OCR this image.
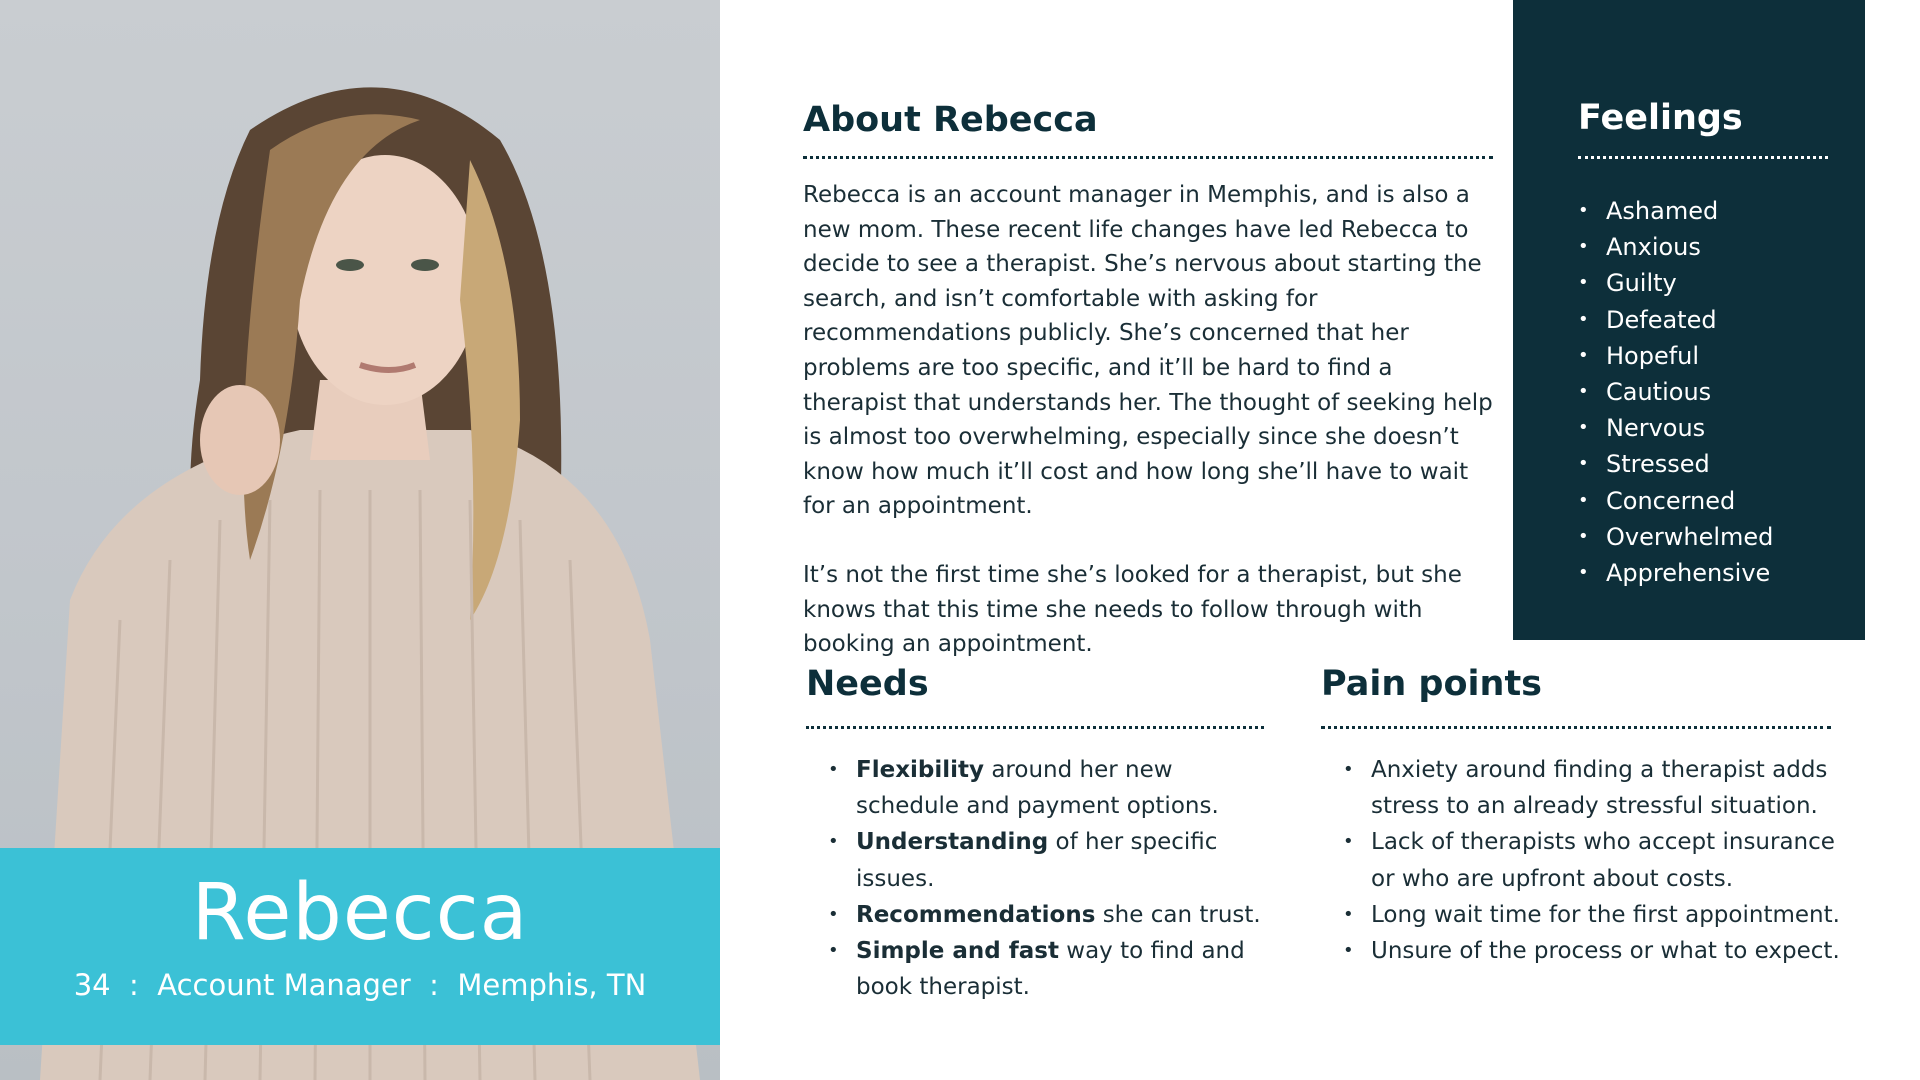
Rebecca
34 : Account Manager : Memphis, TN
About Rebecca

Rebecca is an account manager in Memphis, and is also a new mom. These recent life changes have led Rebecca to decide to see a therapist. She’s nervous about starting the search, and isn’t comfortable with asking for recommendations publicly. She’s concerned that her problems are too specific, and it’ll be hard to find a therapist that understands her. The thought of seeking help is almost too overwhelming, especially since she doesn’t know how much it’ll cost and how long she’ll have to wait for an appointment.

It’s not the first time she’s looked for a therapist, but she knows that this time she needs to follow through with booking an appointment.

Feelings
• Ashamed
• Anxious
• Guilty
• Defeated
• Hopeful
• Cautious
• Nervous
• Stressed
• Concerned
• Overwhelmed
• Apprehensive
Needs
• Flexibility around her new schedule and payment options.
• Understanding of her specific issues.
• Recommendations she can trust.
• Simple and fast way to find and book therapist.
Pain points
• Anxiety around finding a therapist adds stress to an already stressful situation.
• Lack of therapists who accept insurance or who are upfront about costs.
• Long wait time for the first appointment.
• Unsure of the process or what to expect.
